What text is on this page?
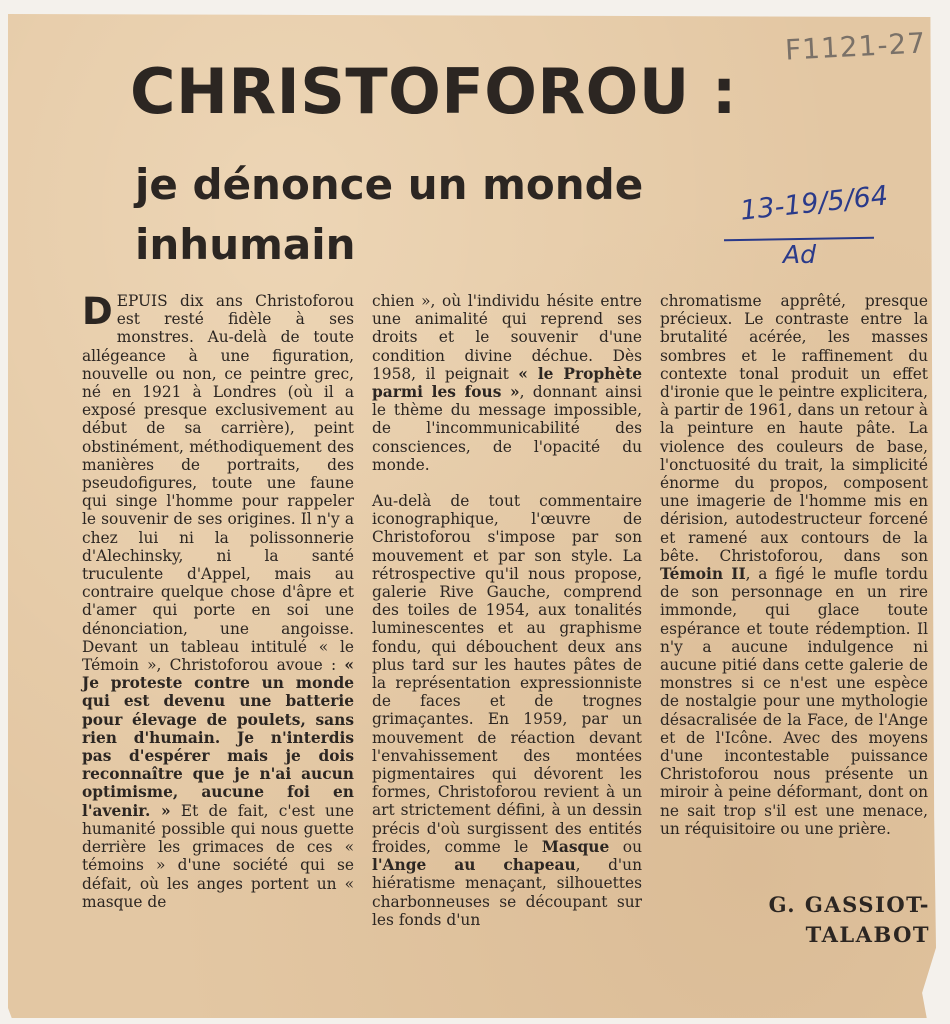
CHRISTOFOROU :
je dénonce un monde
inhumain
F1121-27
13-19/5/64
Ad

DEPUIS dix ans Christoforou est resté fidèle à ses monstres. Au-delà de toute allégeance à une figuration, nouvelle ou non, ce peintre grec, né en 1921 à Londres (où il a exposé presque exclusivement au début de sa carrière), peint obstinément, méthodiquement des manières de portraits, des pseudofigures, toute une faune qui singe l'homme pour rappeler le souvenir de ses origines. Il n'y a chez lui ni la polissonnerie d'Alechinsky, ni la santé truculente d'Appel, mais au contraire quelque chose d'âpre et d'amer qui porte en soi une dénonciation, une angoisse. Devant un tableau intitulé « le Témoin », Christoforou avoue : « Je proteste contre un monde qui est devenu une batterie pour élevage de poulets, sans rien d'humain. Je n'interdis pas d'espérer mais je dois reconnaître que je n'ai aucun optimisme, aucune foi en l'avenir. » Et de fait, c'est une humanité possible qui nous guette derrière les grimaces de ces « témoins » d'une société qui se défait, où les anges portent un « masque de

chien », où l'individu hésite entre une animalité qui reprend ses droits et le souvenir d'une condition divine déchue. Dès 1958, il peignait « le Prophète parmi les fous », donnant ainsi le thème du message impossible, de l'incommunicabilité des consciences, de l'opacité du monde.

Au-delà de tout commentaire iconographique, l'œuvre de Christoforou s'impose par son mouvement et par son style. La rétrospective qu'il nous propose, galerie Rive Gauche, comprend des toiles de 1954, aux tonalités luminescentes et au graphisme fondu, qui débouchent deux ans plus tard sur les hautes pâtes de la représentation expressionniste de faces et de trognes grimaçantes. En 1959, par un mouvement de réaction devant l'envahissement des montées pigmentaires qui dévorent les formes, Christoforou revient à un art strictement défini, à un dessin précis d'où surgissent des entités froides, comme le Masque ou l'Ange au chapeau, d'un hiératisme menaçant, silhouettes charbonneuses se découpant sur les fonds d'un

chromatisme apprêté, presque précieux. Le contraste entre la brutalité acérée, les masses sombres et le raffinement du contexte tonal produit un effet d'ironie que le peintre explicitera, à partir de 1961, dans un retour à la peinture en haute pâte. La violence des couleurs de base, l'onctuosité du trait, la simplicité énorme du propos, composent une imagerie de l'homme mis en dérision, autodestructeur forcené et ramené aux contours de la bête. Christoforou, dans son Témoin II, a figé le mufle tordu de son personnage en un rire immonde, qui glace toute espérance et toute rédemption. Il n'y a aucune indulgence ni aucune pitié dans cette galerie de monstres si ce n'est une espèce de nostalgie pour une mythologie désacralisée de la Face, de l'Ange et de l'Icône. Avec des moyens d'une incontestable puissance Christoforou nous présente un miroir à peine déformant, dont on ne sait trop s'il est une menace, un réquisitoire ou une prière.

G. GASSIOT-
TALABOT
